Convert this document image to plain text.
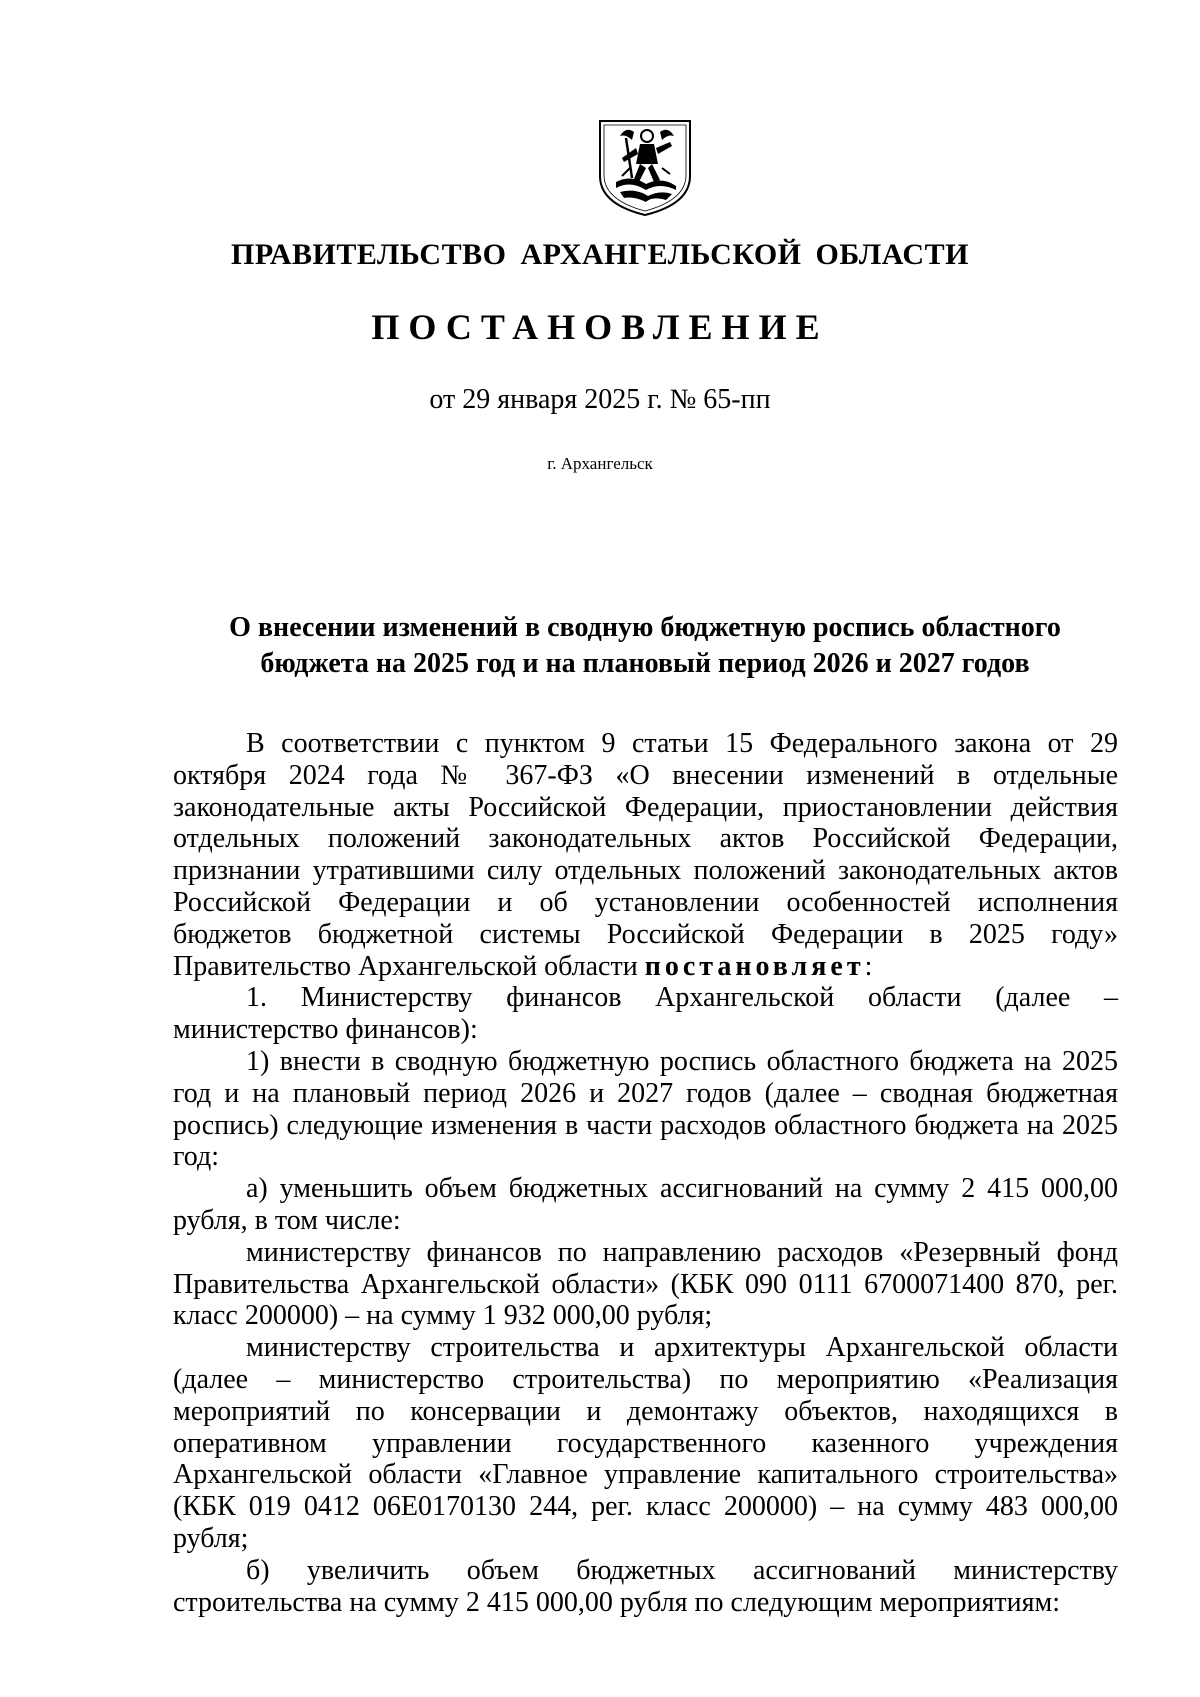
ПРАВИТЕЛЬСТВО АРХАНГЕЛЬСКОЙ ОБЛАСТИ
ПОСТАНОВЛЕНИЕ
от 29 января 2025 г. № 65-пп
г. Архангельск
О внесении изменений в сводную бюджетную роспись областного
бюджета на 2025 год и на плановый период 2026 и 2027 годов

В соответствии с пунктом 9 статьи 15 Федерального закона от 29 октября 2024 года № 367-ФЗ «О внесении изменений в отдельные законодательные акты Российской Федерации, приостановлении действия отдельных положений законодательных актов Российской Федерации, признании утратившими силу отдельных положений законодательных актов Российской Федерации и об установлении особенностей исполнения бюджетов бюджетной системы Российской Федерации в 2025 году» Правительство Архангельской области постановляет:

1. Министерству финансов Архангельской области (далее – министерство финансов):

1) внести в сводную бюджетную роспись областного бюджета на 2025 год и на плановый период 2026 и 2027 годов (далее – сводная бюджетная роспись) следующие изменения в части расходов областного бюджета на 2025 год:

а) уменьшить объем бюджетных ассигнований на сумму 2 415 000,00 рубля, в том числе:

министерству финансов по направлению расходов «Резервный фонд Правительства Архангельской области» (КБК 090 0111 6700071400 870, рег. класс 200000) – на сумму 1 932 000,00 рубля;

министерству строительства и архитектуры Архангельской области (далее – министерство строительства) по мероприятию «Реализация мероприятий по консервации и демонтажу объектов, находящихся в оперативном управлении государственного казенного учреждения Архангельской области «Главное управление капитального строительства» (КБК 019 0412 06Е0170130 244, рег. класс 200000) – на сумму 483 000,00 рубля;

б) увеличить объем бюджетных ассигнований министерству строительства на сумму 2 415 000,00 рубля по следующим мероприятиям:
